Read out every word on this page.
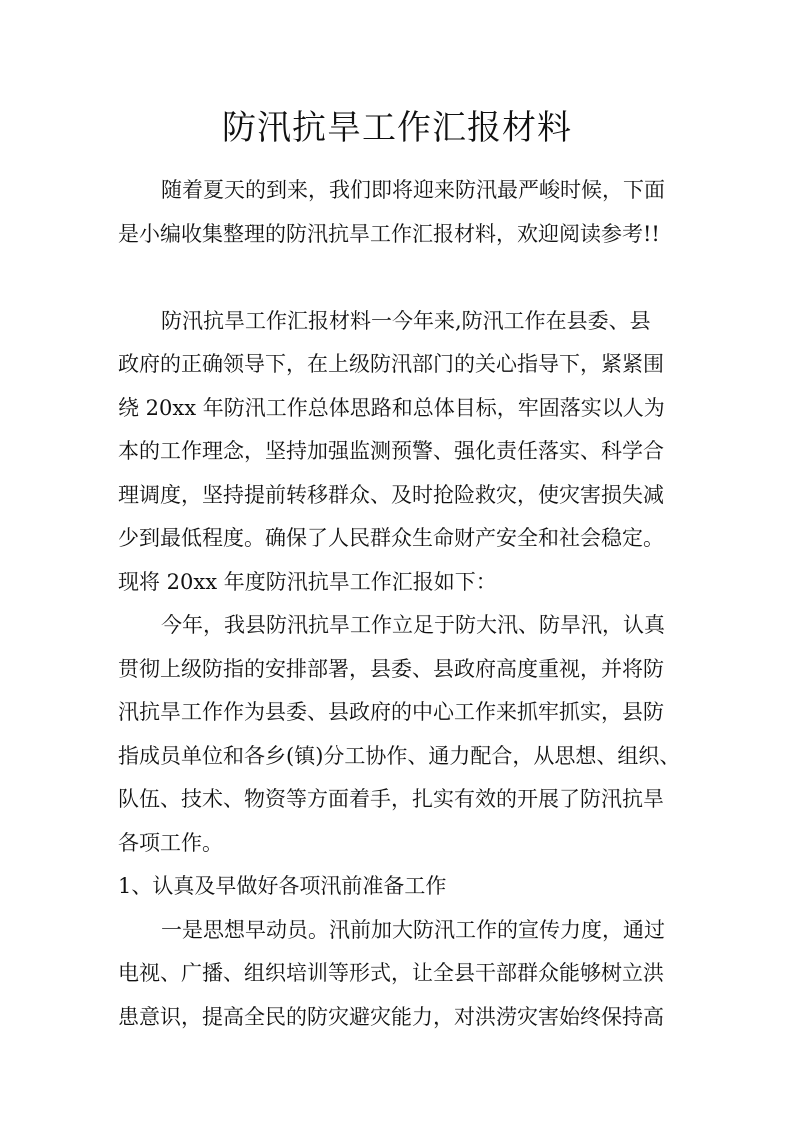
防汛抗旱工作汇报材料
随着夏天的到来，我们即将迎来防汛最严峻时候，下面
是小编收集整理的防汛抗旱工作汇报材料，欢迎阅读参考!!
防汛抗旱工作汇报材料一今年来,防汛工作在县委、县
政府的正确领导下，在上级防汛部门的关心指导下，紧紧围
绕 20xx 年防汛工作总体思路和总体目标，牢固落实以人为
本的工作理念，坚持加强监测预警、强化责任落实、科学合
理调度，坚持提前转移群众、及时抢险救灾，使灾害损失减
少到最低程度。确保了人民群众生命财产安全和社会稳定。
现将 20xx 年度防汛抗旱工作汇报如下：
今年，我县防汛抗旱工作立足于防大汛、防旱汛，认真
贯彻上级防指的安排部署，县委、县政府高度重视，并将防
汛抗旱工作作为县委、县政府的中心工作来抓牢抓实，县防
指成员单位和各乡(镇)分工协作、通力配合，从思想、组织、
队伍、技术、物资等方面着手，扎实有效的开展了防汛抗旱
各项工作。
1、认真及早做好各项汛前准备工作
一是思想早动员。汛前加大防汛工作的宣传力度，通过
电视、广播、组织培训等形式，让全县干部群众能够树立洪
患意识，提高全民的防灾避灾能力，对洪涝灾害始终保持高
